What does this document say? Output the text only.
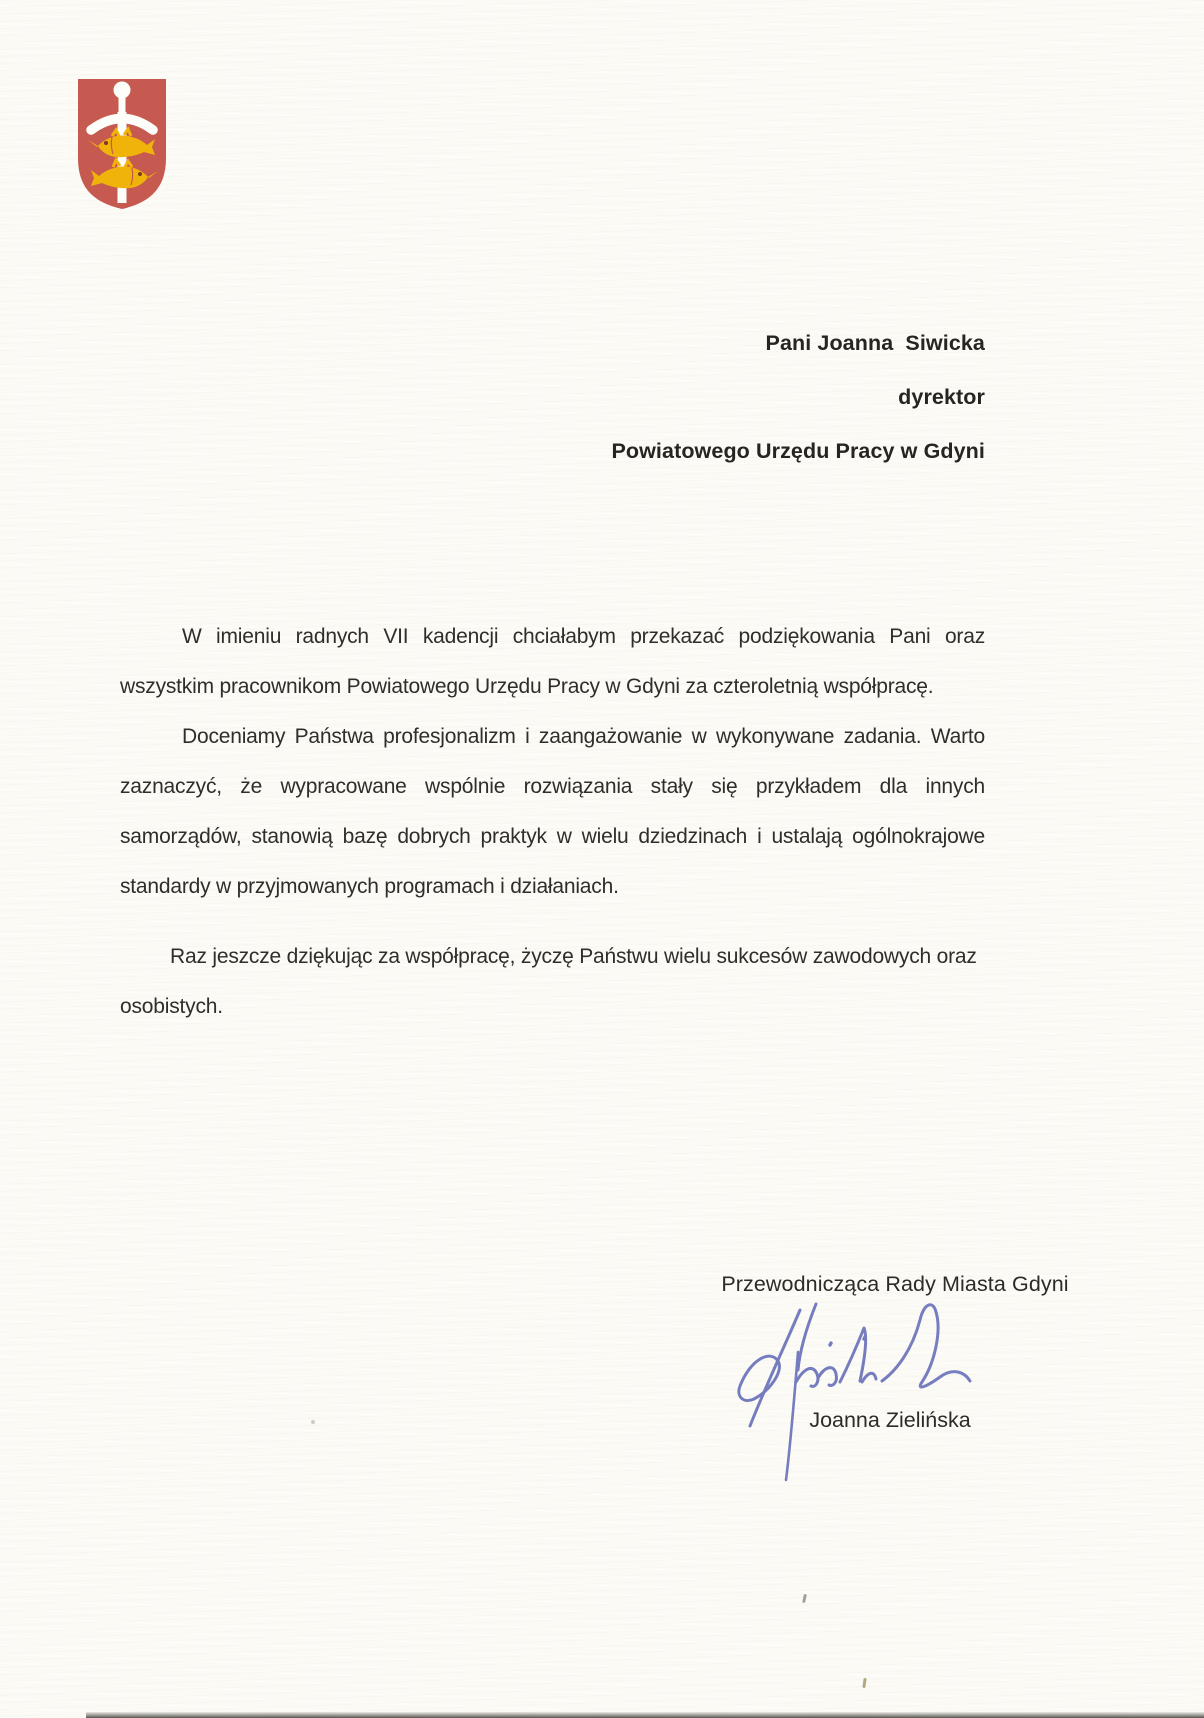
Pani Joanna  Siwicka
dyrektor
Powiatowego Urzędu Pracy w Gdyni
W imieniu radnych VII kadencji chciałabym przekazać podziękowania Pani oraz
wszystkim pracownikom Powiatowego Urzędu Pracy w Gdyni za czteroletnią współpracę.
Doceniamy Państwa profesjonalizm i zaangażowanie w wykonywane zadania. Warto
zaznaczyć, że wypracowane wspólnie rozwiązania stały się przykładem dla innych
samorządów, stanowią bazę dobrych praktyk w wielu dziedzinach i ustalają ogólnokrajowe
standardy w przyjmowanych programach i działaniach.
Raz jeszcze dziękując za współpracę, życzę Państwu wielu sukcesów zawodowych oraz
osobistych.
Przewodnicząca Rady Miasta Gdyni
Joanna Zielińska
